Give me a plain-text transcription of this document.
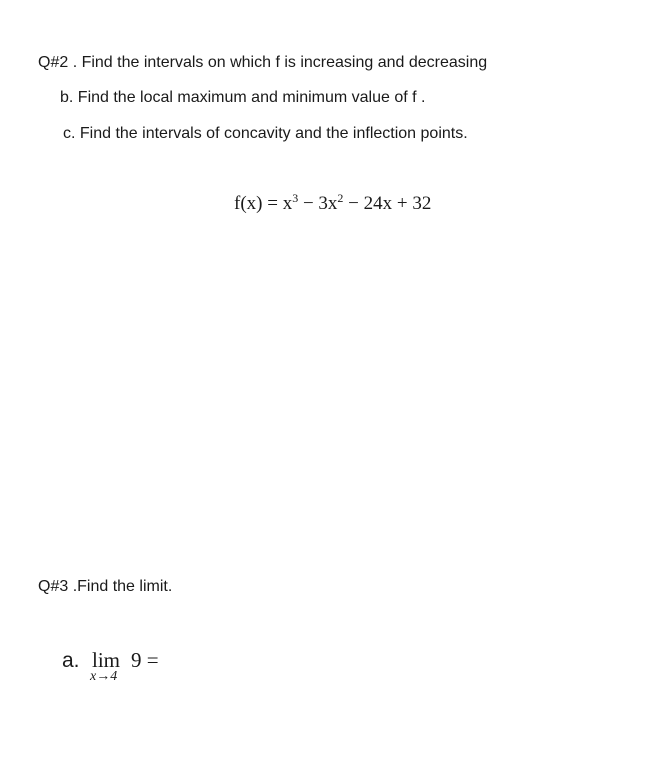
Q#2 . Find the intervals on which f is increasing and decreasing
b. Find the local maximum and minimum value of f .
c. Find the intervals of concavity and the inflection points.
$f(x) = x^3 - 3x^2 - 24x + 32$
Q#3 .Find the limit.
a. lim
x→4
9 =
